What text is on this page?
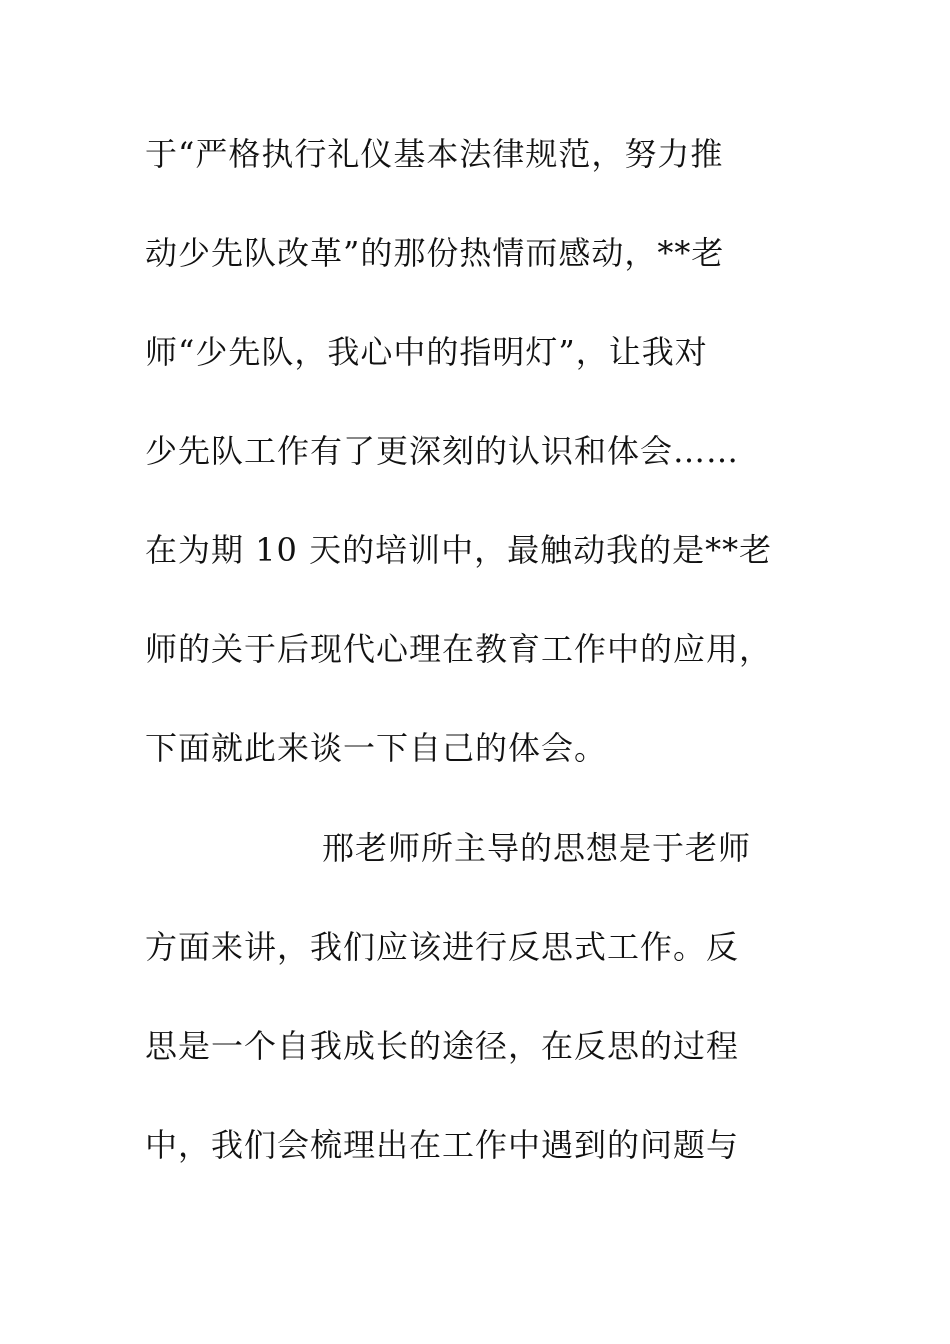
于“严格执行礼仪基本法律规范，努力推
动少先队改革”的那份热情而感动，**老
师“少先队，我心中的指明灯”，让我对
少先队工作有了更深刻的认识和体会……
在为期 10 天的培训中，最触动我的是**老
师的关于后现代心理在教育工作中的应用，
下面就此来谈一下自己的体会。
邢老师所主导的思想是于老师
方面来讲，我们应该进行反思式工作。反
思是一个自我成长的途径，在反思的过程
中，我们会梳理出在工作中遇到的问题与
